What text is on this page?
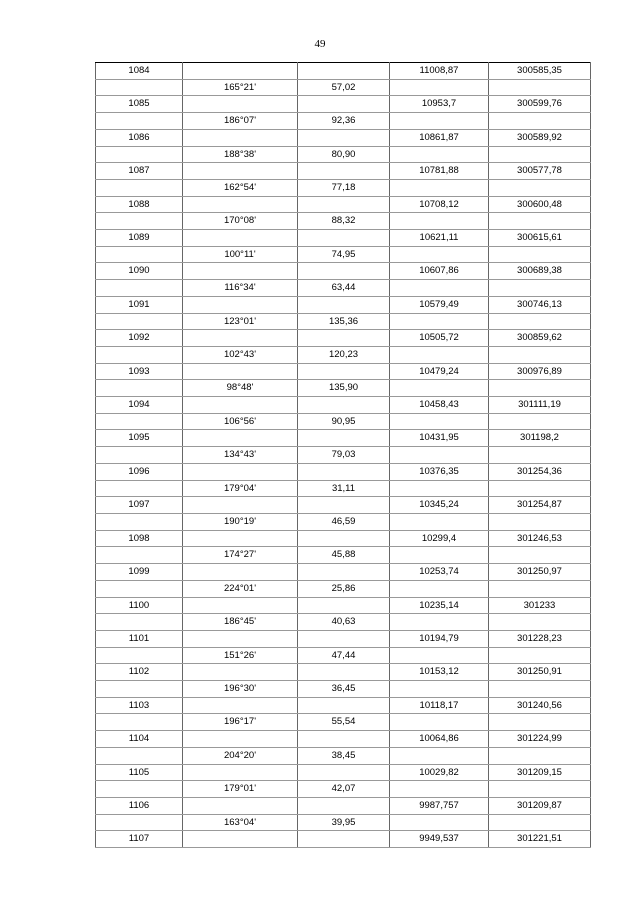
49
1084			11008,87	300585,35
	165°21'	57,02		
1085			10953,7	300599,76
	186°07'	92,36		
1086			10861,87	300589,92
	188°38'	80,90		
1087			10781,88	300577,78
	162°54'	77,18		
1088			10708,12	300600,48
	170°08'	88,32		
1089			10621,11	300615,61
	100°11'	74,95		
1090			10607,86	300689,38
	116°34'	63,44		
1091			10579,49	300746,13
	123°01'	135,36		
1092			10505,72	300859,62
	102°43'	120,23		
1093			10479,24	300976,89
	98°48'	135,90		
1094			10458,43	301111,19
	106°56'	90,95		
1095			10431,95	301198,2
	134°43'	79,03		
1096			10376,35	301254,36
	179°04'	31,11		
1097			10345,24	301254,87
	190°19'	46,59		
1098			10299,4	301246,53
	174°27'	45,88		
1099			10253,74	301250,97
	224°01'	25,86		
1100			10235,14	301233
	186°45'	40,63		
1101			10194,79	301228,23
	151°26'	47,44		
1102			10153,12	301250,91
	196°30'	36,45		
1103			10118,17	301240,56
	196°17'	55,54		
1104			10064,86	301224,99
	204°20'	38,45		
1105			10029,82	301209,15
	179°01'	42,07		
1106			9987,757	301209,87
	163°04'	39,95		
1107			9949,537	301221,51
